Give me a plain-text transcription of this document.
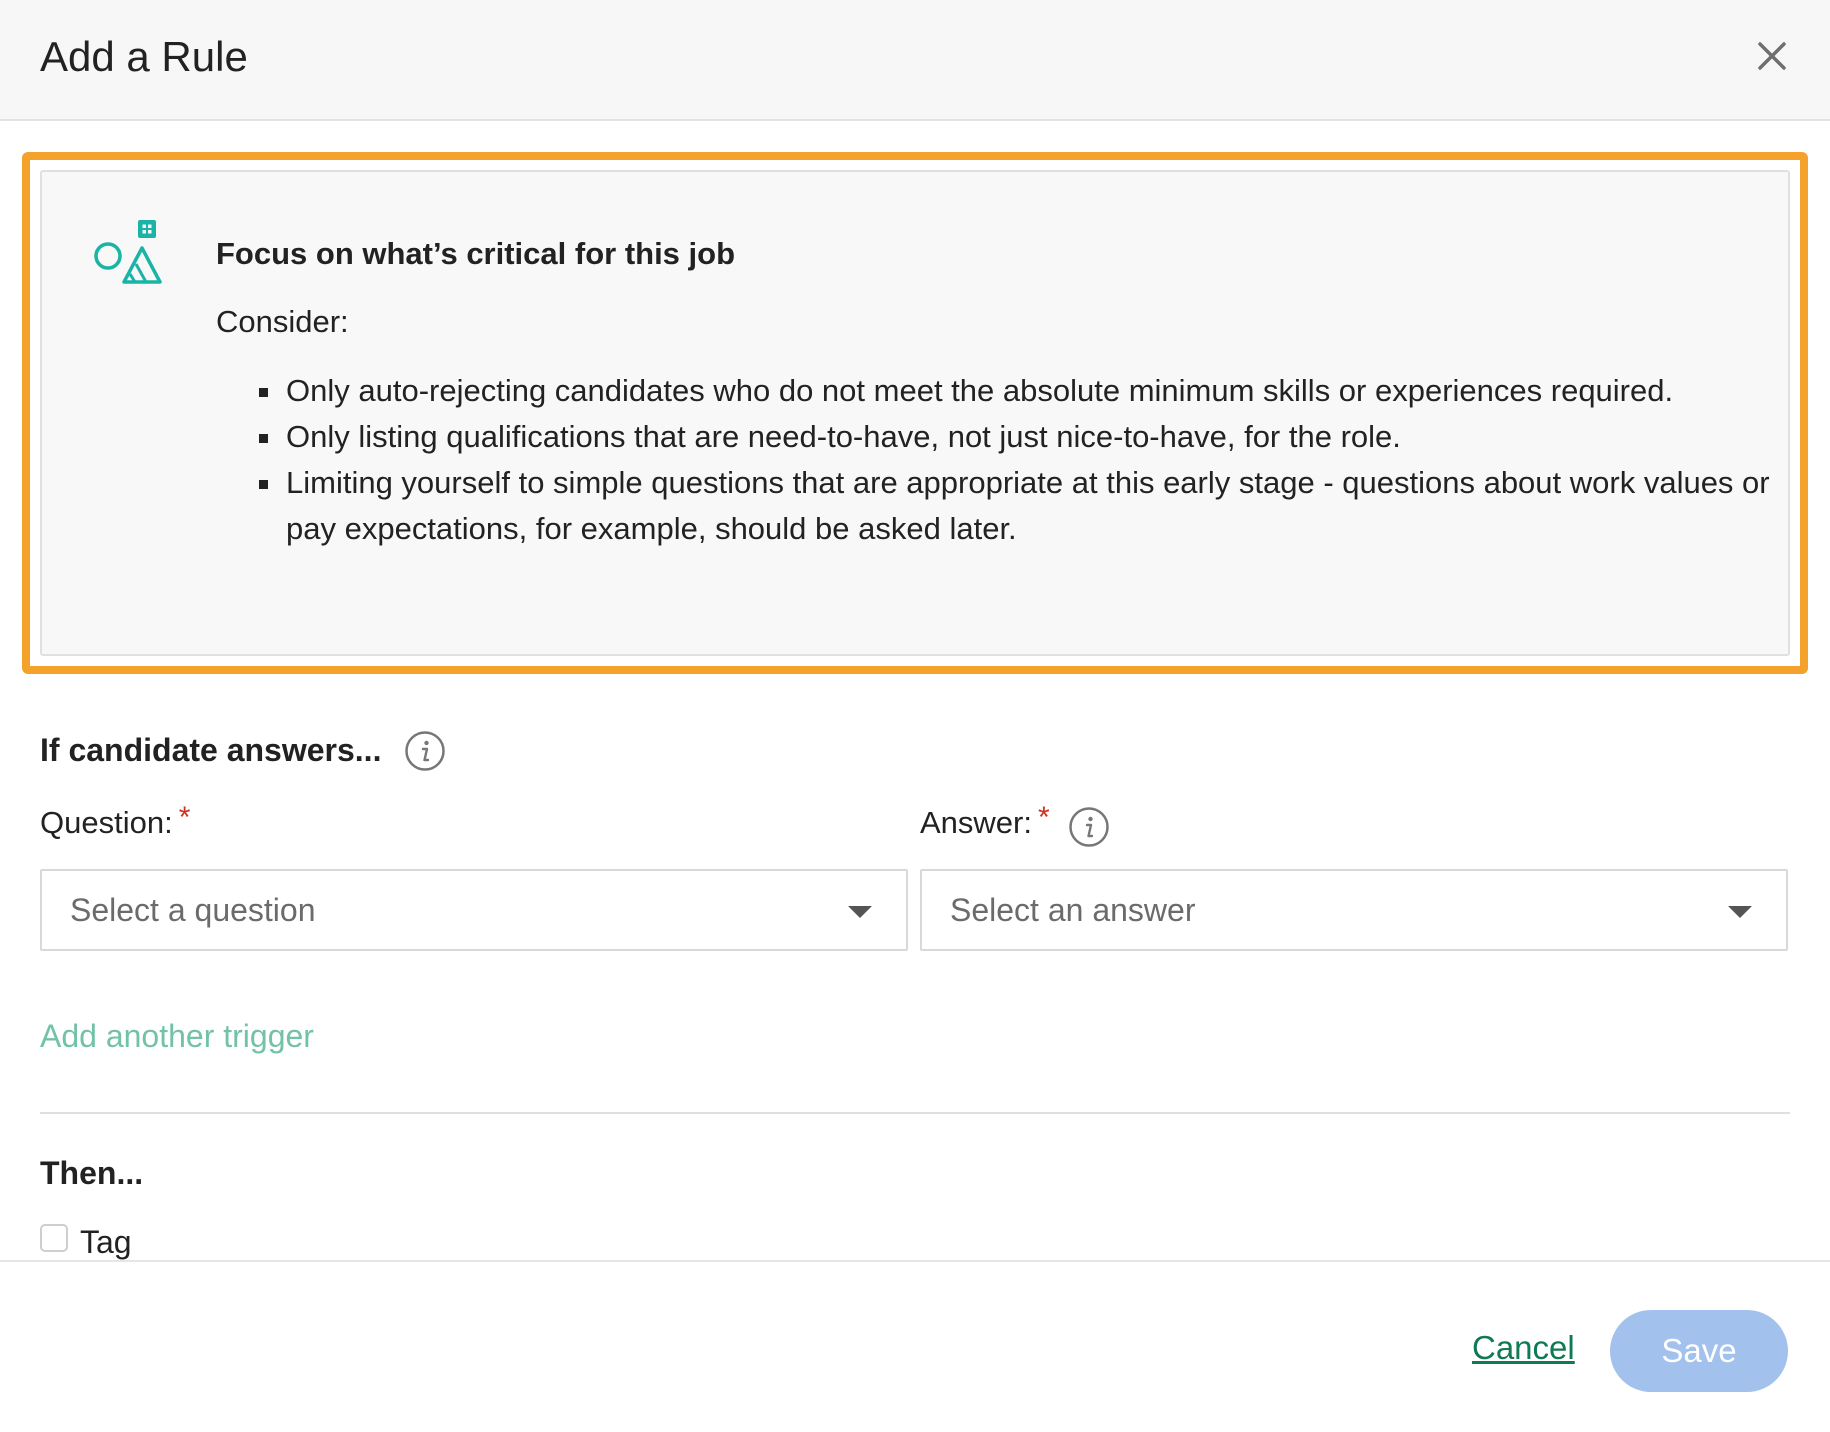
Add a Rule
Focus on what’s critical for this job
Consider:
▪ Only auto-rejecting candidates who do not meet the absolute minimum skills or experiences required.
▪ Only listing qualifications that are need-to-have, not just nice-to-have, for the role.
▪ Limiting yourself to simple questions that are appropriate at this early stage - questions about work values or pay expectations, for example, should be asked later.
If candidate answers...
Question: *	Answer: *
Select a question	Select an answer
Add another trigger
Then...
Tag
Cancel	Save
